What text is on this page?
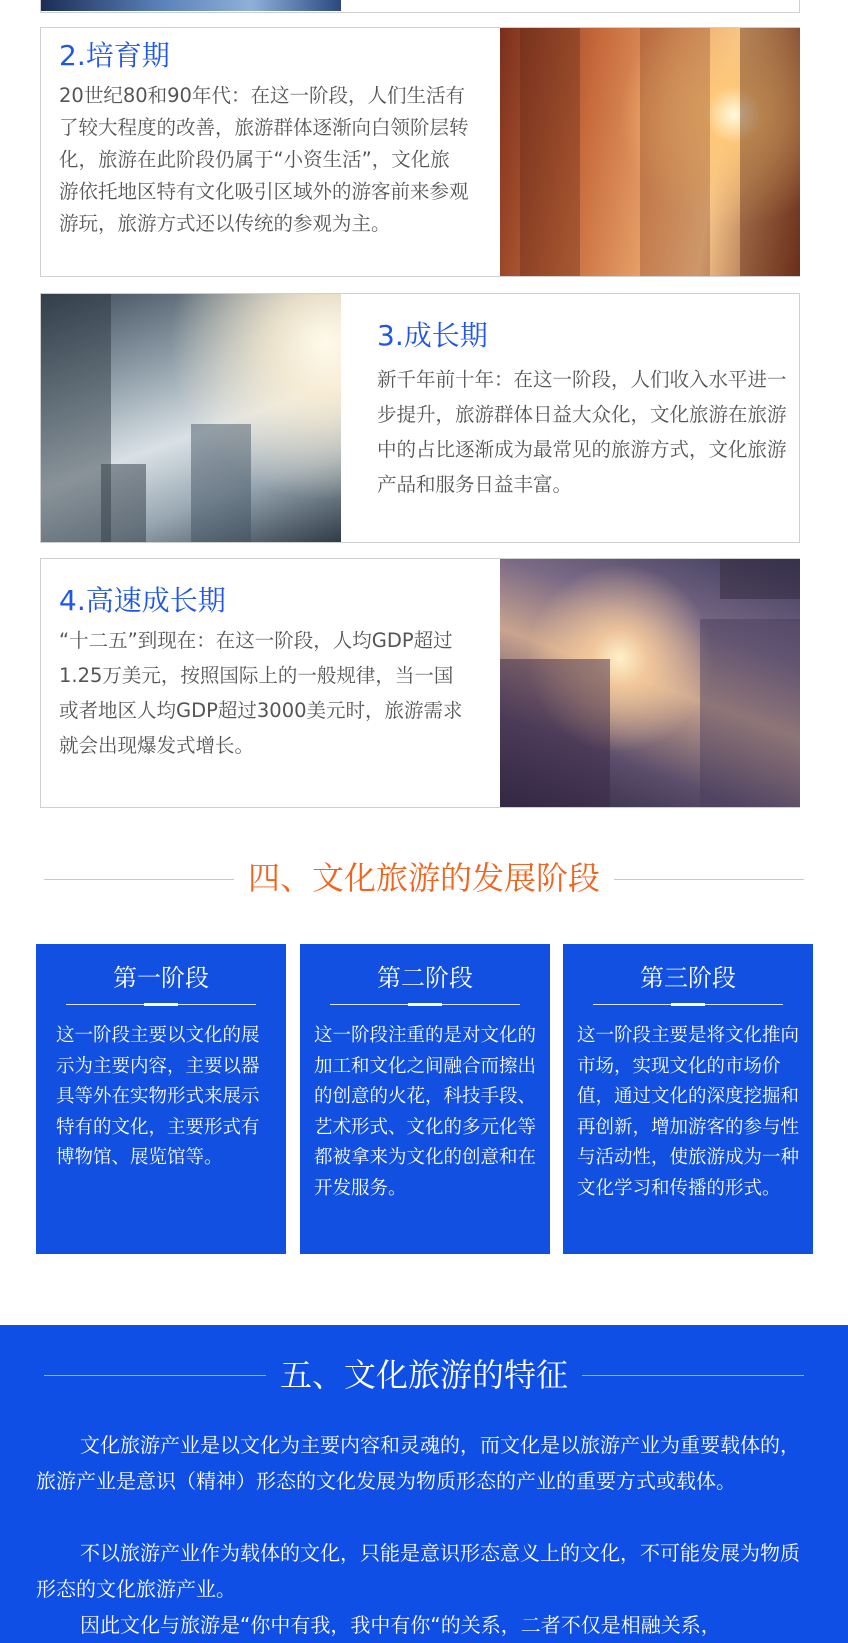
2.培育期

20世纪80和90年代：在这一阶段，人们生活有了较大程度的改善，旅游群体逐渐向白领阶层转化，旅游在此阶段仍属于“小资生活”，文化旅游依托地区特有文化吸引区域外的游客前来参观游玩，旅游方式还以传统的参观为主。

3.成长期

新千年前十年：在这一阶段，人们收入水平进一步提升，旅游群体日益大众化，文化旅游在旅游中的占比逐渐成为最常见的旅游方式，文化旅游产品和服务日益丰富。

4.高速成长期

“十二五”到现在：在这一阶段，人均GDP超过1.25万美元，按照国际上的一般规律，当一国或者地区人均GDP超过3000美元时，旅游需求就会出现爆发式增长。

四、文化旅游的发展阶段
第一阶段

这一阶段主要以文化的展示为主要内容，主要以器具等外在实物形式来展示特有的文化，主要形式有博物馆、展览馆等。

第二阶段

这一阶段注重的是对文化的加工和文化之间融合而擦出的创意的火花，科技手段、艺术形式、文化的多元化等都被拿来为文化的创意和在开发服务。

第三阶段

这一阶段主要是将文化推向市场，实现文化的市场价值，通过文化的深度挖掘和再创新，增加游客的参与性与活动性，使旅游成为一种文化学习和传播的形式。

五、文化旅游的特征

文化旅游产业是以文化为主要内容和灵魂的，而文化是以旅游产业为重要载体的，旅游产业是意识（精神）形态的文化发展为物质形态的产业的重要方式或载体。

不以旅游产业作为载体的文化，只能是意识形态意义上的文化，不可能发展为物质形态的文化旅游产业。

因此文化与旅游是“你中有我，我中有你“的关系，二者不仅是相融关系，
